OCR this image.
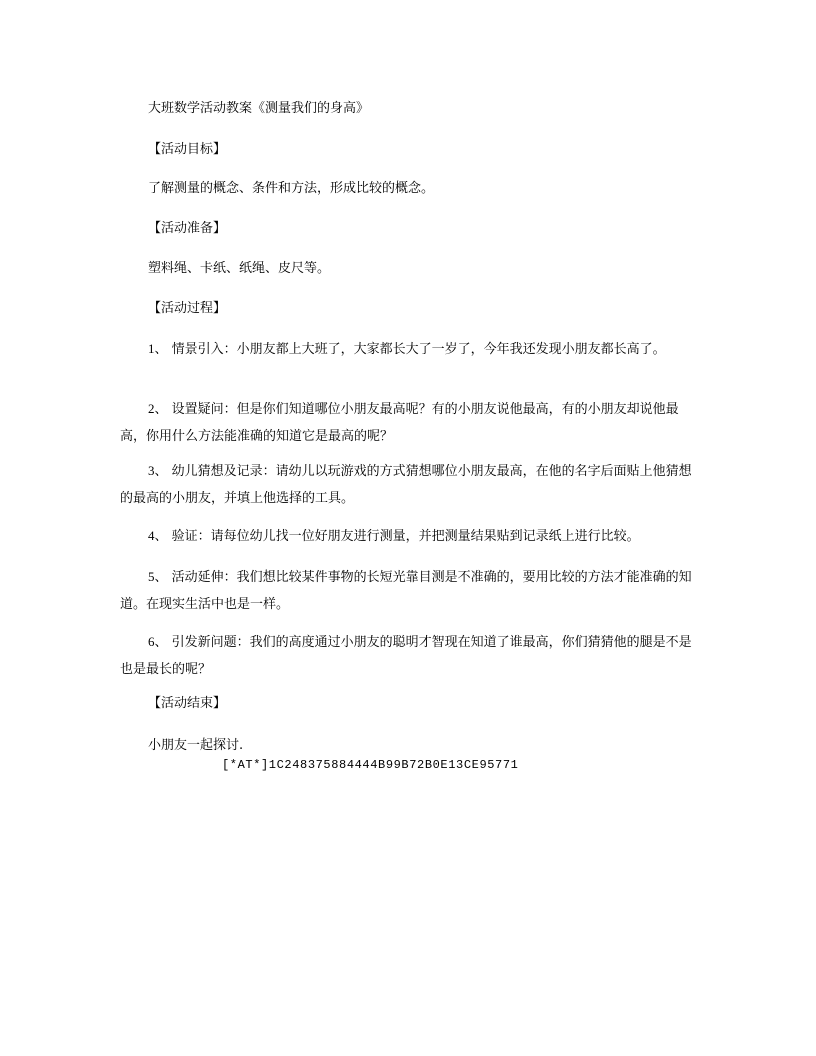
大班数学活动教案《测量我们的身高》
【活动目标】
了解测量的概念、条件和方法，形成比较的概念。
【活动准备】
塑料绳、卡纸、纸绳、皮尺等。
【活动过程】
1、 情景引入：小朋友都上大班了，大家都长大了一岁了，今年我还发现小朋友都长高了。
2、 设置疑问：但是你们知道哪位小朋友最高呢？有的小朋友说他最高，有的小朋友却说他最高，你用什么方法能准确的知道它是最高的呢？
3、 幼儿猜想及记录：请幼儿以玩游戏的方式猜想哪位小朋友最高，在他的名字后面贴上他猜想的最高的小朋友，并填上他选择的工具。
4、 验证：请每位幼儿找一位好朋友进行测量，并把测量结果贴到记录纸上进行比较。
5、 活动延伸：我们想比较某件事物的长短光靠目测是不准确的，要用比较的方法才能准确的知道。在现实生活中也是一样。
6、 引发新问题：我们的高度通过小朋友的聪明才智现在知道了谁最高，你们猜猜他的腿是不是也是最长的呢？
【活动结束】
小朋友一起探讨.
[*AT*]1C248375884444B99B72B0E13CE95771
